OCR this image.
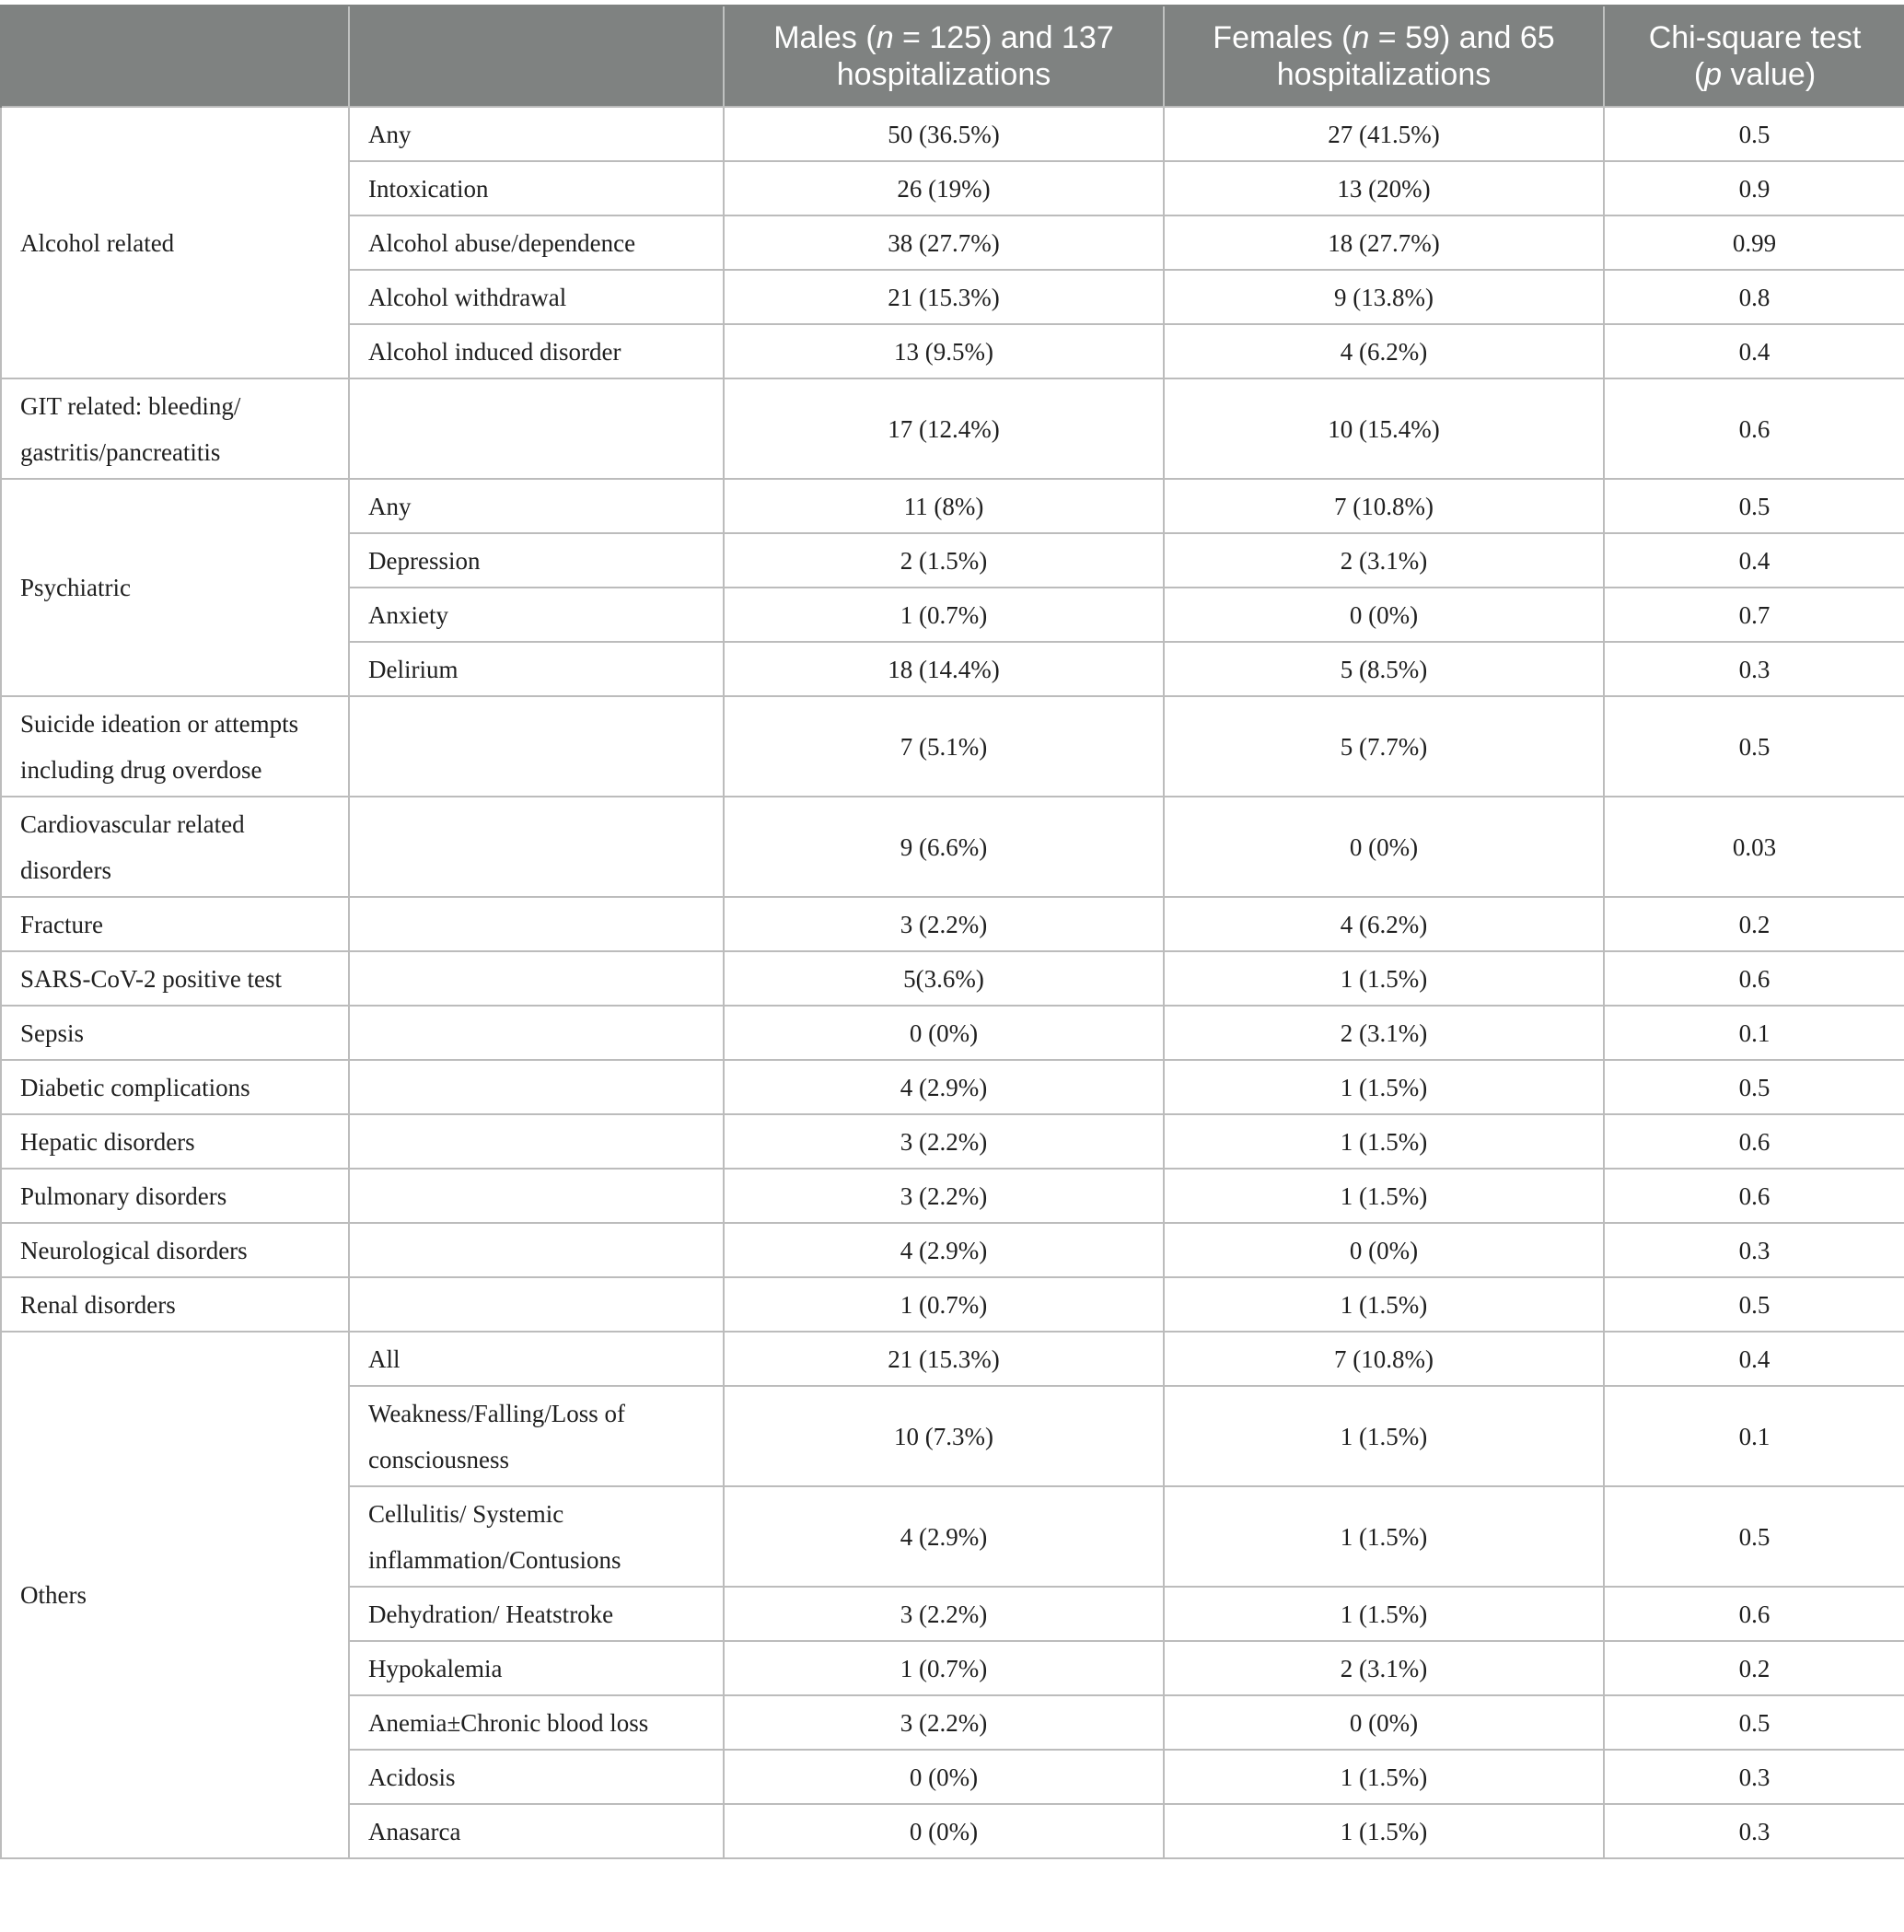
		Males (n = 125) and 137 hospitalizations	Females (n = 59) and 65 hospitalizations	Chi-square test
(p value)
Alcohol related	Any	50 (36.5%)	27 (41.5%)	0.5
	Intoxication	26 (19%)	13 (20%)	0.9
	Alcohol abuse/dependence	38 (27.7%)	18 (27.7%)	0.99
	Alcohol withdrawal	21 (15.3%)	9 (13.8%)	0.8
	Alcohol induced disorder	13 (9.5%)	4 (6.2%)	0.4
GIT related: bleeding/ gastritis/pancreatitis		17 (12.4%)	10 (15.4%)	0.6
Psychiatric	Any	11 (8%)	7 (10.8%)	0.5
	Depression	2 (1.5%)	2 (3.1%)	0.4
	Anxiety	1 (0.7%)	0 (0%)	0.7
	Delirium	18 (14.4%)	5 (8.5%)	0.3
Suicide ideation or attempts including drug overdose		7 (5.1%)	5 (7.7%)	0.5
Cardiovascular related disorders		9 (6.6%)	0 (0%)	0.03
Fracture		3 (2.2%)	4 (6.2%)	0.2
SARS-CoV-2 positive test		5(3.6%)	1 (1.5%)	0.6
Sepsis		0 (0%)	2 (3.1%)	0.1
Diabetic complications		4 (2.9%)	1 (1.5%)	0.5
Hepatic disorders		3 (2.2%)	1 (1.5%)	0.6
Pulmonary disorders		3 (2.2%)	1 (1.5%)	0.6
Neurological disorders		4 (2.9%)	0 (0%)	0.3
Renal disorders		1 (0.7%)	1 (1.5%)	0.5
Others	All	21 (15.3%)	7 (10.8%)	0.4
	Weakness/Falling/Loss of consciousness	10 (7.3%)	1 (1.5%)	0.1
	Cellulitis/ Systemic inflammation/Contusions	4 (2.9%)	1 (1.5%)	0.5
	Dehydration/ Heatstroke	3 (2.2%)	1 (1.5%)	0.6
	Hypokalemia	1 (0.7%)	2 (3.1%)	0.2
	Anemia±Chronic blood loss	3 (2.2%)	0 (0%)	0.5
	Acidosis	0 (0%)	1 (1.5%)	0.3
	Anasarca	0 (0%)	1 (1.5%)	0.3
